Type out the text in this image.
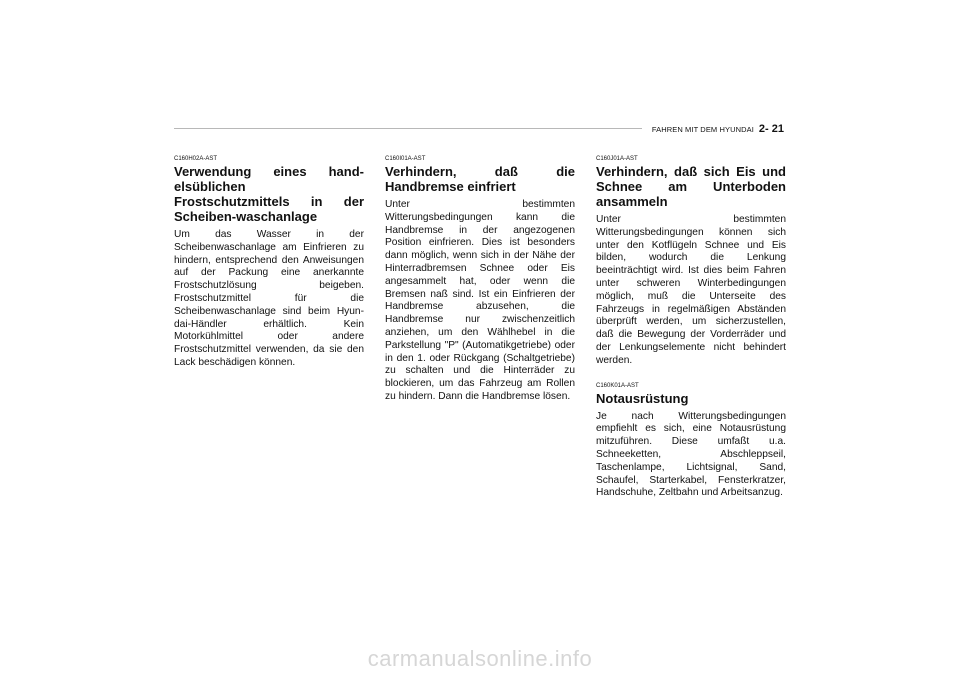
FAHREN MIT DEM HYUNDAI 2- 21

C160H02A-AST

Verwendung eines hand-elsüblichen Frostschutzmittels in der Scheiben-waschanlage

Um das Wasser in der Scheibenwaschanlage am Einfrieren zu hindern, entsprechend den Anweisungen auf der Packung eine anerkannte Frostschutzlösung beigeben. Frostschutzmittel für die Scheibenwaschanlage sind beim Hyun-dai-Händler erhältlich. Kein Motorkühlmittel oder andere Frostschutzmittel verwenden, da sie den Lack beschädigen können.

C160I01A-AST

Verhindern, daß die Handbremse einfriert

Unter bestimmten Witterungsbedingungen kann die Handbremse in der angezogenen Position einfrieren. Dies ist besonders dann möglich, wenn sich in der Nähe der Hinterradbremsen Schnee oder Eis angesammelt hat, oder wenn die Bremsen naß sind. Ist ein Einfrieren der Handbremse abzusehen, die Handbremse nur zwischenzeitlich anziehen, um den Wählhebel in die Parkstellung "P" (Automatikgetriebe) oder in den 1. oder Rückgang (Schaltgetriebe) zu schalten und die Hinterräder zu blockieren, um das Fahrzeug am Rollen zu hindern. Dann die Handbremse lösen.

C160J01A-AST

Verhindern, daß sich Eis und Schnee am Unterboden ansammeln

Unter bestimmten Witterungsbedingungen können sich unter den Kotflügeln Schnee und Eis bilden, wodurch die Lenkung beeinträchtigt wird. Ist dies beim Fahren unter schweren Winterbedingungen möglich, muß die Unterseite des Fahrzeugs in regelmäßigen Abständen überprüft werden, um sicherzustellen, daß die Bewegung der Vorderräder und der Lenkungselemente nicht behindert werden.

C160K01A-AST

Notausrüstung

Je nach Witterungsbedingungen empfiehlt es sich, eine Notausrüstung mitzuführen. Diese umfaßt u.a. Schneeketten, Abschleppseil, Taschenlampe, Lichtsignal, Sand, Schaufel, Starterkabel, Fensterkratzer, Handschuhe, Zeltbahn und Arbeitsanzug.

carmanualsonline.info
